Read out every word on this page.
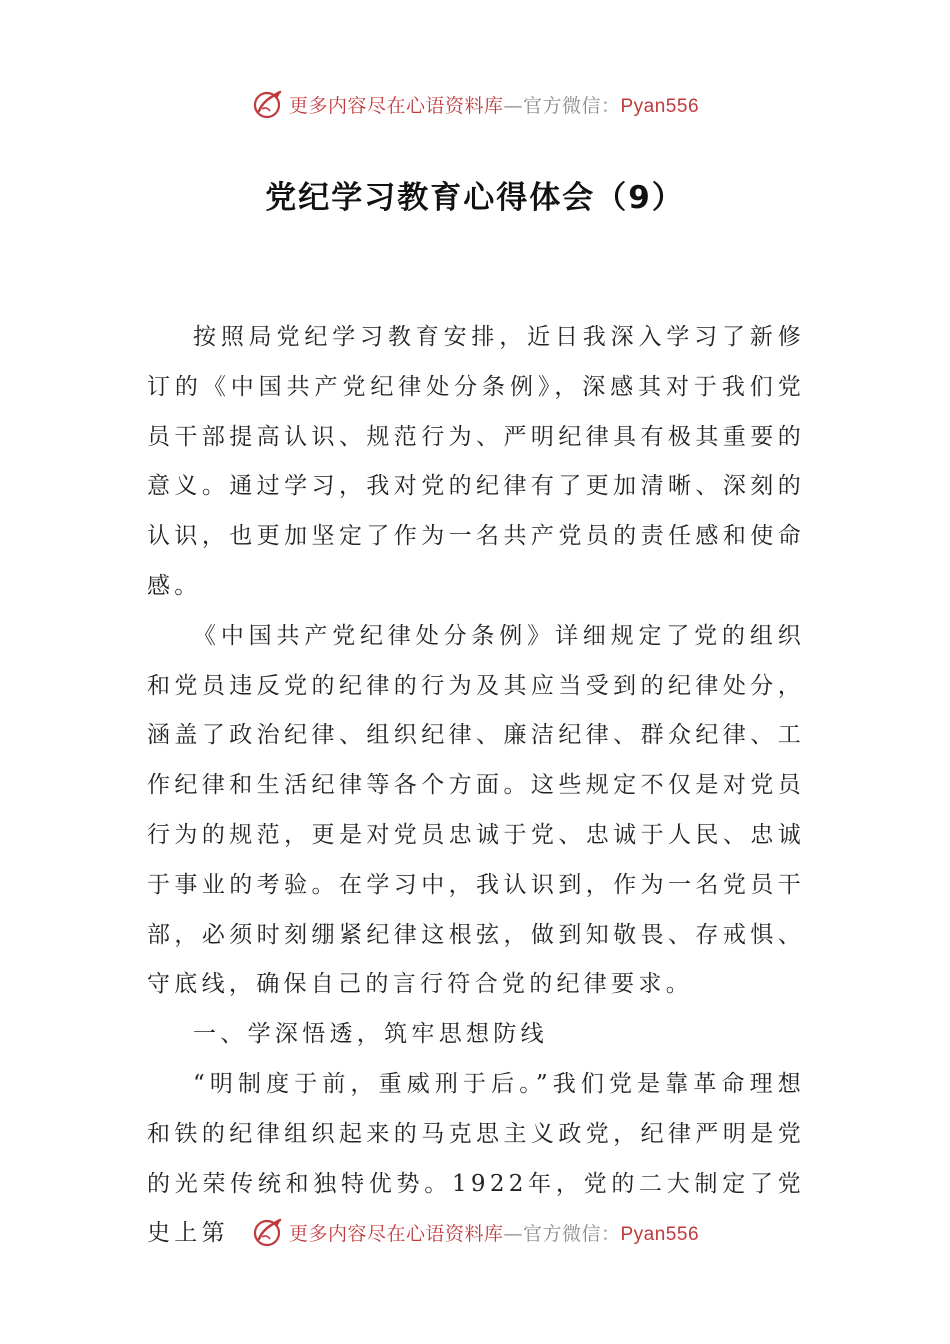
更多内容尽在心语资料库—官方微信：Pyan556
党纪学习教育心得体会（9）

按照局党纪学习教育安排，近日我深入学习了新修订的《中国共产党纪律处分条例》，深感其对于我们党员干部提高认识、规范行为、严明纪律具有极其重要的意义。通过学习，我对党的纪律有了更加清晰、深刻的认识，也更加坚定了作为一名共产党员的责任感和使命感。

《中国共产党纪律处分条例》详细规定了党的组织和党员违反党的纪律的行为及其应当受到的纪律处分，涵盖了政治纪律、组织纪律、廉洁纪律、群众纪律、工作纪律和生活纪律等各个方面。这些规定不仅是对党员行为的规范，更是对党员忠诚于党、忠诚于人民、忠诚于事业的考验。在学习中，我认识到，作为一名党员干部，必须时刻绷紧纪律这根弦，做到知敬畏、存戒惧、守底线，确保自己的言行符合党的纪律要求。

一、学深悟透，筑牢思想防线

“明制度于前，重威刑于后。”我们党是靠革命理想和铁的纪律组织起来的马克思主义政党，纪律严明是党的光荣传统和独特优势。1922年，党的二大制定了党史上第	更多内容尽在心语资料库—官方微信：Pyan556
